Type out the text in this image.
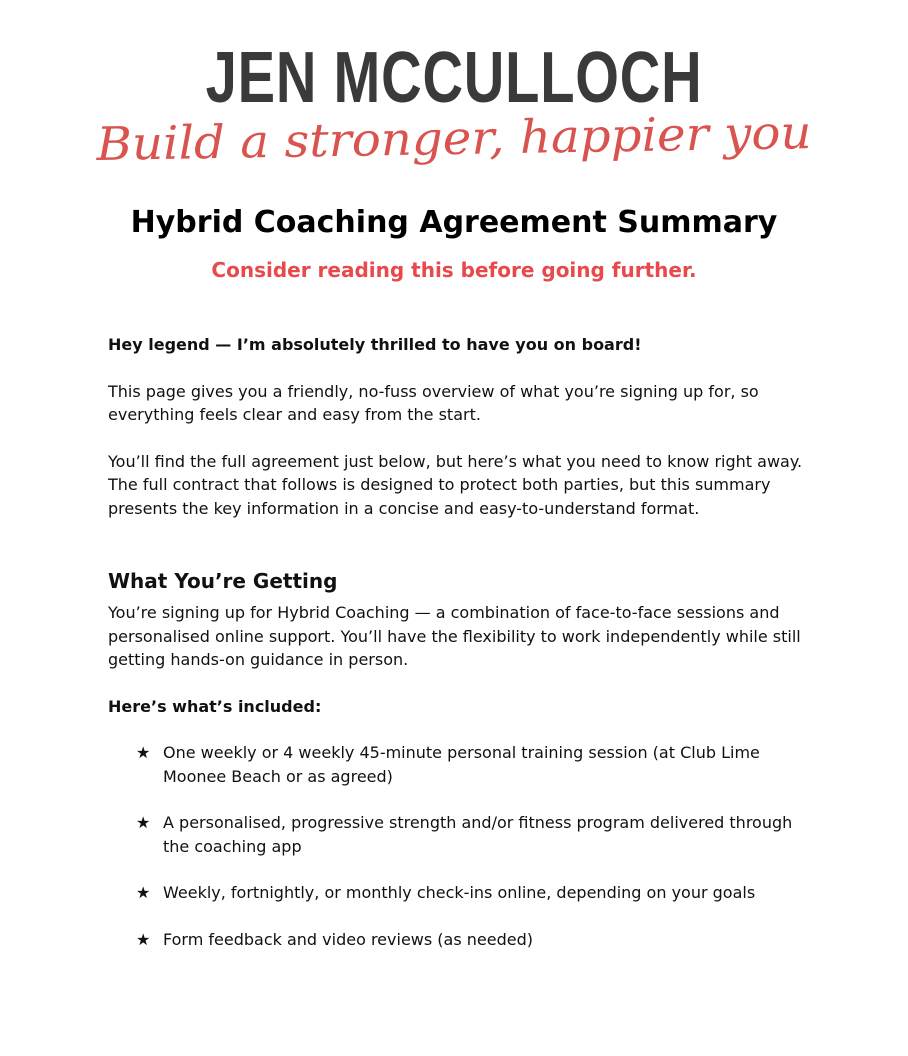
JEN MCCULLOCH
Build a stronger, happier you
Hybrid Coaching Agreement Summary
Consider reading this before going further.

Hey legend — I’m absolutely thrilled to have you on board!

This page gives you a friendly, no-fuss overview of what you’re signing up for, so everything feels clear and easy from the start.

You’ll find the full agreement just below, but here’s what you need to know right away. The full contract that follows is designed to protect both parties, but this summary presents the key information in a concise and easy-to-understand format.

What You’re Getting

You’re signing up for Hybrid Coaching — a combination of face-to-face sessions and personalised online support. You’ll have the flexibility to work independently while still getting hands-on guidance in person.

Here’s what’s included:

★ One weekly or 4 weekly 45-minute personal training session (at Club Lime Moonee Beach or as agreed)
★ A personalised, progressive strength and/or fitness program delivered through the coaching app
★ Weekly, fortnightly, or monthly check-ins online, depending on your goals
★ Form feedback and video reviews (as needed)
